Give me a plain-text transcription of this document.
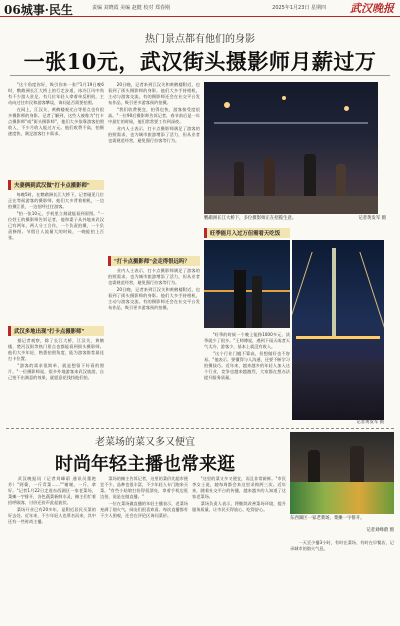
06城事·民生	责编 刘晓霞 美编 赵健 校对 郑春刚	2025年1月23日 星期四 武汉晚报
热门景点都有他们的身影
一张10元，武汉街头摄影师月薪过万

"这个角度你好，吸引你来一张!"1月19日晚6时，鹦鹉洲长江大桥上的行走步道，冰冷江风中尚有不少游人驻足。有几位年轻人拿着单反相机，主动向过往市民和游客攀谈，询问是否需要拍照。

在网上，江汉关、黄鹤楼观光台等景点也有很多摄影师的身影。记者了解到，这些人被称为"打卡点摄影师"或"街头摄影师"，他们大多依靠游客拍照收入，不少月收入能过万元。他们收费不高，拍摄速度快，满足游客打卡需求。

夫妻俩到武汉做"打卡点摄影师"

每晚5时，在鹦鹉洲长江大桥下，记者碰见几位正在等候游客的摄影师。他们大多背着相机，一边拍摄江景，一边招呼过往游客。

"拍一张10元，手机里立刻就能看到原图。"一位姓王的摄影师告诉记者，他和妻子从外地来武汉已有两年，两人分工合作，一个负责拍摄，一个负责修图。节假日人流量大的时候，一晚能拍上百张。

武汉多地出现"打卡点摄影师"

据记者观察，除了长江大桥，江汉关、黄鹤楼、楚河汉街等热门景点也都能看到街头摄影师。他们大多年轻，熟悉拍照角度，能为游客推荐最佳打卡位置。

"游客的需求很简单，就是想留下好看的照片。"一位摄影师说，很多外地游客来武汉旅游，自己拍不出满意的效果，就愿意花钱找他们拍。

20日晚，记者来到江汉关和黄鹤楼附近，也看到了街头摄影师的身影。他们大多手持相机，主动与游客交流。有的摄影师还会在社交平台发布作品，吸引更多游客预约拍摄。

"我们收费便宜，拍得也快，游客接受度很高。"一位90后摄影师告诉记者，春节前后是一年中最忙的时候，他们常常要工作到深夜。

业内人士表示，打卡点摄影师满足了游客的拍照需求，也为城市旅游增添了活力，但从业者也需规范经营，避免强行拉客等行为。

"打卡点摄影师"会走得很远吗？

业内人士表示，打卡点摄影师满足了游客的拍照需求，也为城市旅游增添了活力，但从业者也需规范经营，避免强行拉客等行为。

20日晚，记者来到江汉关和黄鹤楼附近，也看到了街头摄影师的身影。他们大多手持相机，主动与游客交流。有的摄影师还会在社交平台发布作品，吸引更多游客预约拍摄。

鹦鹉洲长江大桥下，多位摄影师正在招揽生意。	记者黄发军 摄
旺季能月入过万但需看天吃饭

"旺季的时候一个晚上能挣1000多元，淡季就少了很多。"王师傅说，遇到下雨天或者天气太冷，游客少，基本上就没有收入。

"这个行业门槛不算高，但想做好也不容易。"他表示，要懂得与人沟通，还要不断学习拍摄技巧。近年来，越来越多的年轻人加入这个行业，竞争也越来越激烈，大家都在想办法提升服务质量。

摄影师镜头中的夜景。（照片由受访者提供）
记者黄发军 摄
老菜场的菜又多又便宜
时尚年轻主播也常来逛

武汉晚报讯（记者刘峰蔚 通讯员董艳芳）"阿婆，一斤青菜……""谢谢，一斤，拿好。"记者1月22日走进东西湖区一家老菜场，菜摊一字排开，各色蔬菜新鲜水灵，摊主们忙着招呼顾客，讨价还价声此起彼伏。

菜场开业已有20多年，是附近居民买菜的好去处。近年来，不少年轻人也慕名而来，其中还有一些时尚主播。

菜场的摊主告诉记者，这里的菜价比超市便宜不少，品种也很丰富，不少年轻人专门跑来买菜。"有些小姑娘打扮得很漂亮，拿着手机边逛边拍，说是在做直播。"

一位在菜场做直播的年轻主播表示，老菜场充满了烟火气，网友们很喜欢看。每次直播都有不少人围观，还会在评论区询问菜价。

"这里的菜又多又便宜，而且非常新鲜。"市民李女士说，她每周都会来这里采购两三次。近年来，随着社交平台的传播，越来越多的人知道了这家老菜场。

菜场负责人表示，将继续改善菜场环境，提升服务质量，让市民买得放心、吃得舒心。

东西湖区一家老菜场，菜摊一字排开。
记者刘峰蔚 摄

一天至少播3小时，有时在菜场、有时在早餐店，记录城市的烟火气息。
